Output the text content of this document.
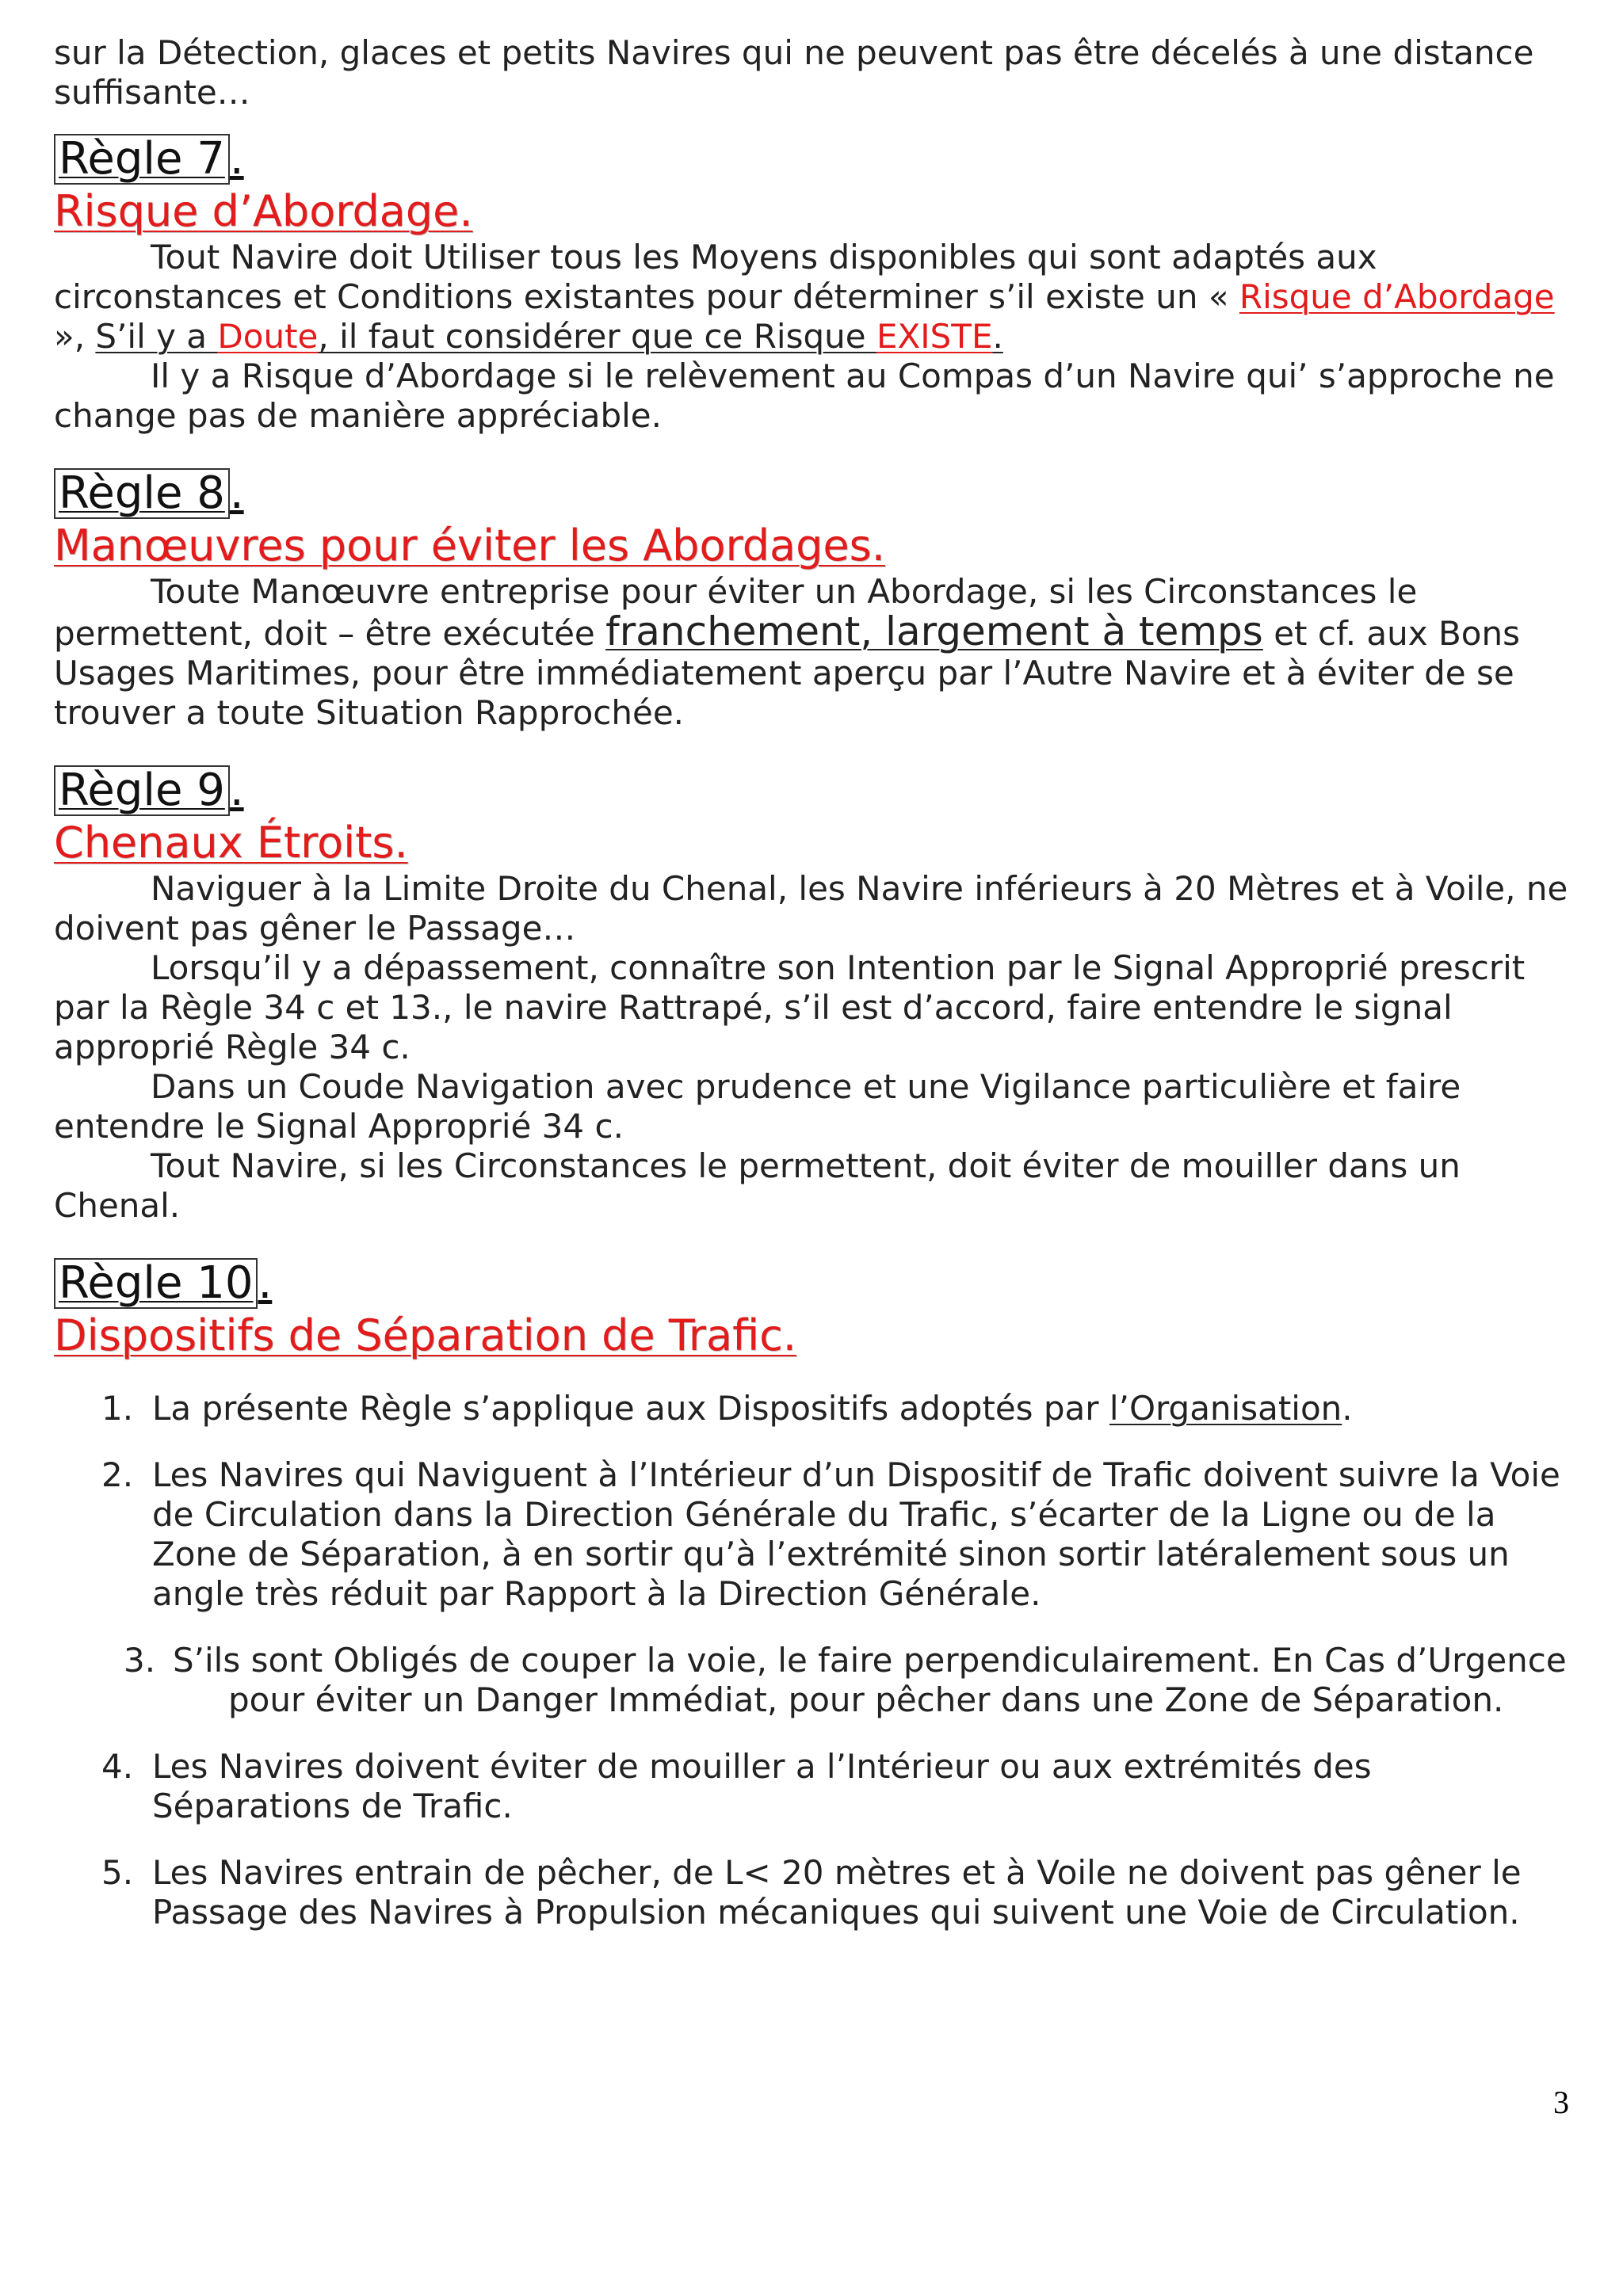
sur la Détection, glaces et petits Navires qui ne peuvent pas être décelés à une distance suffisante…

Règle 7 .
Risque d’Abordage.

Tout Navire doit Utiliser tous les Moyens disponibles qui sont adaptés aux circonstances et Conditions existantes pour déterminer s’il existe un « Risque d’Abordage », S’il y a Doute, il faut considérer que ce Risque EXISTE.

Il y a Risque d’Abordage si le relèvement au Compas d’un Navire qui’ s’approche ne change pas de manière appréciable.

Règle 8 .
Manœuvres pour éviter les Abordages.

Toute Manœuvre entreprise pour éviter un Abordage, si les Circonstances le permettent, doit – être exécutée franchement, largement à temps et cf. aux Bons Usages Maritimes, pour être immédiatement aperçu par l’Autre Navire et à éviter de se trouver a toute Situation Rapprochée.

Règle 9 .
Chenaux Étroits.

Naviguer à la Limite Droite du Chenal, les Navire inférieurs à 20 Mètres et à Voile, ne doivent pas gêner le Passage…

Lorsqu’il y a dépassement, connaître son Intention par le Signal Approprié prescrit par la Règle 34 c et 13., le navire Rattrapé, s’il est d’accord, faire entendre le signal approprié Règle 34 c.

Dans un Coude Navigation avec prudence et une Vigilance particulière et faire entendre le Signal Approprié 34 c.

Tout Navire, si les Circonstances le permettent, doit éviter de mouiller dans un Chenal.

Règle 10 .
Dispositifs de Séparation de Trafic.
1. La présente Règle s’applique aux Dispositifs adoptés par l’Organisation.
2. Les Navires qui Naviguent à l’Intérieur d’un Dispositif de Trafic doivent suivre la Voie de Circulation dans la Direction Générale du Trafic, s’écarter de la Ligne ou de la Zone de Séparation, à en sortir qu’à l’extrémité sinon sortir latéralement sous un angle très réduit par Rapport à la Direction Générale.
3. S’ils sont Obligés de couper la voie, le faire perpendiculairement. En Cas d’Urgence pour éviter un Danger Immédiat, pour pêcher dans une Zone de Séparation.
4. Les Navires doivent éviter de mouiller a l’Intérieur ou aux extrémités des Séparations de Trafic.
5. Les Navires entrain de pêcher, de L< 20 mètres et à Voile ne doivent pas gêner le Passage des Navires à Propulsion mécaniques qui suivent une Voie de Circulation.
3
